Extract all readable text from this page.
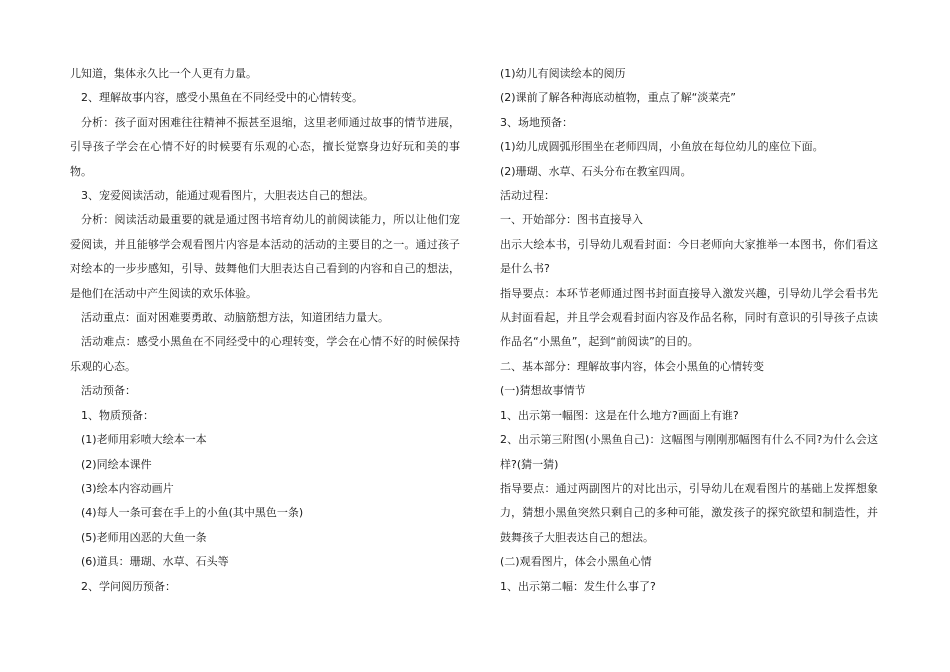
儿知道，集体永久比一个人更有力量。

2、理解故事内容，感受小黑鱼在不同经受中的心情转变。

分析：孩子面对困难往往精神不振甚至退缩，这里老师通过故事的情节进展，引导孩子学会在心情不好的时候要有乐观的心态，擅长觉察身边好玩和美的事物。

3、宠爱阅读活动，能通过观看图片，大胆表达自己的想法。

分析：阅读活动最重要的就是通过图书培育幼儿的前阅读能力，所以让他们宠爱阅读，并且能够学会观看图片内容是本活动的活动的主要目的之一。通过孩子对绘本的一步步感知，引导、鼓舞他们大胆表达自己看到的内容和自己的想法，是他们在活动中产生阅读的欢乐体验。

活动重点：面对困难要勇敢、动脑筋想方法，知道团结力量大。

活动难点：感受小黑鱼在不同经受中的心理转变，学会在心情不好的时候保持乐观的心态。

活动预备：

1、物质预备：

(1)老师用彩喷大绘本一本

(2)同绘本课件

(3)绘本内容动画片

(4)每人一条可套在手上的小鱼(其中黑色一条)

(5)老师用凶恶的大鱼一条

(6)道具：珊瑚、水草、石头等

2、学问阅历预备：

(1)幼儿有阅读绘本的阅历

(2)课前了解各种海底动植物，重点了解“淡菜壳”

3、场地预备：

(1)幼儿成圆弧形围坐在老师四周，小鱼放在每位幼儿的座位下面。

(2)珊瑚、水草、石头分布在教室四周。

活动过程：

一、开始部分：图书直接导入

出示大绘本书，引导幼儿观看封面：今日老师向大家推举一本图书，你们看这是什么书?

指导要点：本环节老师通过图书封面直接导入激发兴趣，引导幼儿学会看书先从封面看起，并且学会观看封面内容及作品名称，同时有意识的引导孩子点读作品名“小黑鱼”，起到“前阅读”的目的。

二、基本部分：理解故事内容，体会小黑鱼的心情转变

(一)猜想故事情节

1、出示第一幅图：这是在什么地方?画面上有谁?

2、出示第三附图(小黑鱼自己)：这幅图与刚刚那幅图有什么不同?为什么会这样?(猜一猜)

指导要点：通过两副图片的对比出示，引导幼儿在观看图片的基础上发挥想象力，猜想小黑鱼突然只剩自己的多种可能，激发孩子的探究欲望和制造性，并鼓舞孩子大胆表达自己的想法。

(二)观看图片，体会小黑鱼心情

1、出示第二幅：发生什么事了?
